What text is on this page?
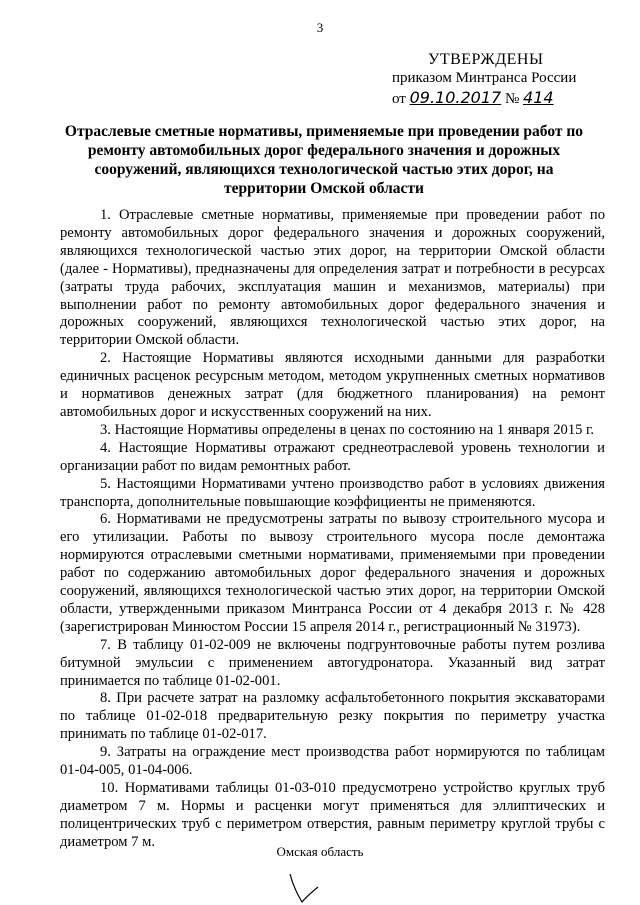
3
УТВЕРЖДЕНЫ
приказом Минтранса России
от 09.10.2017 № 414
Отраслевые сметные нормативы, применяемые при проведении работ по ремонту автомобильных дорог федерального значения и дорожных сооружений, являющихся технологической частью этих дорог, на территории Омской области

1. Отраслевые сметные нормативы, применяемые при проведении работ по ремонту автомобильных дорог федерального значения и дорожных сооружений, являющихся технологической частью этих дорог, на территории Омской области (далее - Нормативы), предназначены для определения затрат и потребности в ресурсах (затраты труда рабочих, эксплуатация машин и механизмов, материалы) при выполнении работ по ремонту автомобильных дорог федерального значения и дорожных сооружений, являющихся технологической частью этих дорог, на территории Омской области.

2. Настоящие Нормативы являются исходными данными для разработки единичных расценок ресурсным методом, методом укрупненных сметных нормативов и нормативов денежных затрат (для бюджетного планирования) на ремонт автомобильных дорог и искусственных сооружений на них.

3. Настоящие Нормативы определены в ценах по состоянию на 1 января 2015 г.

4. Настоящие Нормативы отражают среднеотраслевой уровень технологии и организации работ по видам ремонтных работ.

5. Настоящими Нормативами учтено производство работ в условиях движения транспорта, дополнительные повышающие коэффициенты не применяются.

6. Нормативами не предусмотрены затраты по вывозу строительного мусора и его утилизации. Работы по вывозу строительного мусора после демонтажа нормируются отраслевыми сметными нормативами, применяемыми при проведении работ по содержанию автомобильных дорог федерального значения и дорожных сооружений, являющихся технологической частью этих дорог, на территории Омской области, утвержденными приказом Минтранса России от 4 декабря 2013 г. № 428 (зарегистрирован Минюстом России 15 апреля 2014 г., регистрационный № 31973).

7. В таблицу 01-02-009 не включены подгрунтовочные работы путем розлива битумной эмульсии с применением автогудронатора. Указанный вид затрат принимается по таблице 01-02-001.

8. При расчете затрат на разломку асфальтобетонного покрытия экскаваторами по таблице 01-02-018 предварительную резку покрытия по периметру участка принимать по таблице 01-02-017.

9. Затраты на ограждение мест производства работ нормируются по таблицам 01-04-005, 01-04-006.

10. Нормативами таблицы 01-03-010 предусмотрено устройство круглых труб диаметром 7 м. Нормы и расценки могут применяться для эллиптических и полицентрических труб с периметром отверстия, равным периметру круглой трубы с диаметром 7 м.

Омская область
